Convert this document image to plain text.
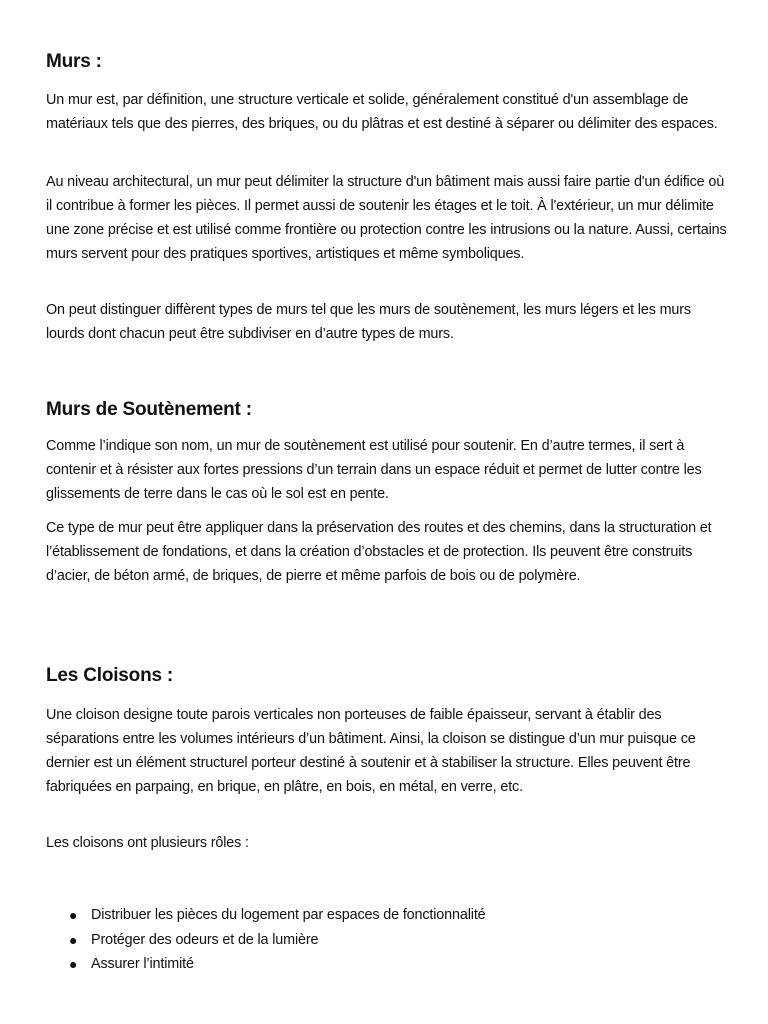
Murs :

Un mur est, par définition, une structure verticale et solide, généralement constitué d'un assemblage de matériaux tels que des pierres, des briques, ou du plâtras et est destiné à séparer ou délimiter des espaces.

Au niveau architectural, un mur peut délimiter la structure d'un bâtiment mais aussi faire partie d'un édifice où il contribue à former les pièces. Il permet aussi de soutenir les étages et le toit. À l'extérieur, un mur délimite une zone précise et est utilisé comme frontière ou protection contre les intrusions ou la nature. Aussi, certains murs servent pour des pratiques sportives, artistiques et même symboliques.

On peut distinguer diffèrent types de murs tel que les murs de soutènement, les murs légers et les murs lourds dont chacun peut être subdiviser en d’autre types de murs.

Murs de Soutènement :

Comme l’indique son nom, un mur de soutènement est utilisé pour soutenir. En d’autre termes, il sert à contenir et à résister aux fortes pressions d’un terrain dans un espace réduit et permet de lutter contre les glissements de terre dans le cas où le sol est en pente.

Ce type de mur peut être appliquer dans la préservation des routes et des chemins, dans la structuration et l’établissement de fondations, et dans la création d’obstacles et de protection. Ils peuvent être construits d’acier, de béton armé, de briques, de pierre et même parfois de bois ou de polymère.

Les Cloisons :

Une cloison designe toute parois verticales non porteuses de faible épaisseur, servant à établir des séparations entre les volumes intérieurs d’un bâtiment. Ainsi, la cloison se distingue d’un mur puisque ce dernier est un élément structurel porteur destiné à soutenir et à stabiliser la structure. Elles peuvent être fabriquées en parpaing, en brique, en plâtre, en bois, en métal, en verre, etc.

Les cloisons ont plusieurs rôles :

● Distribuer les pièces du logement par espaces de fonctionnalité
● Protéger des odeurs et de la lumière
● Assurer l’intimité
